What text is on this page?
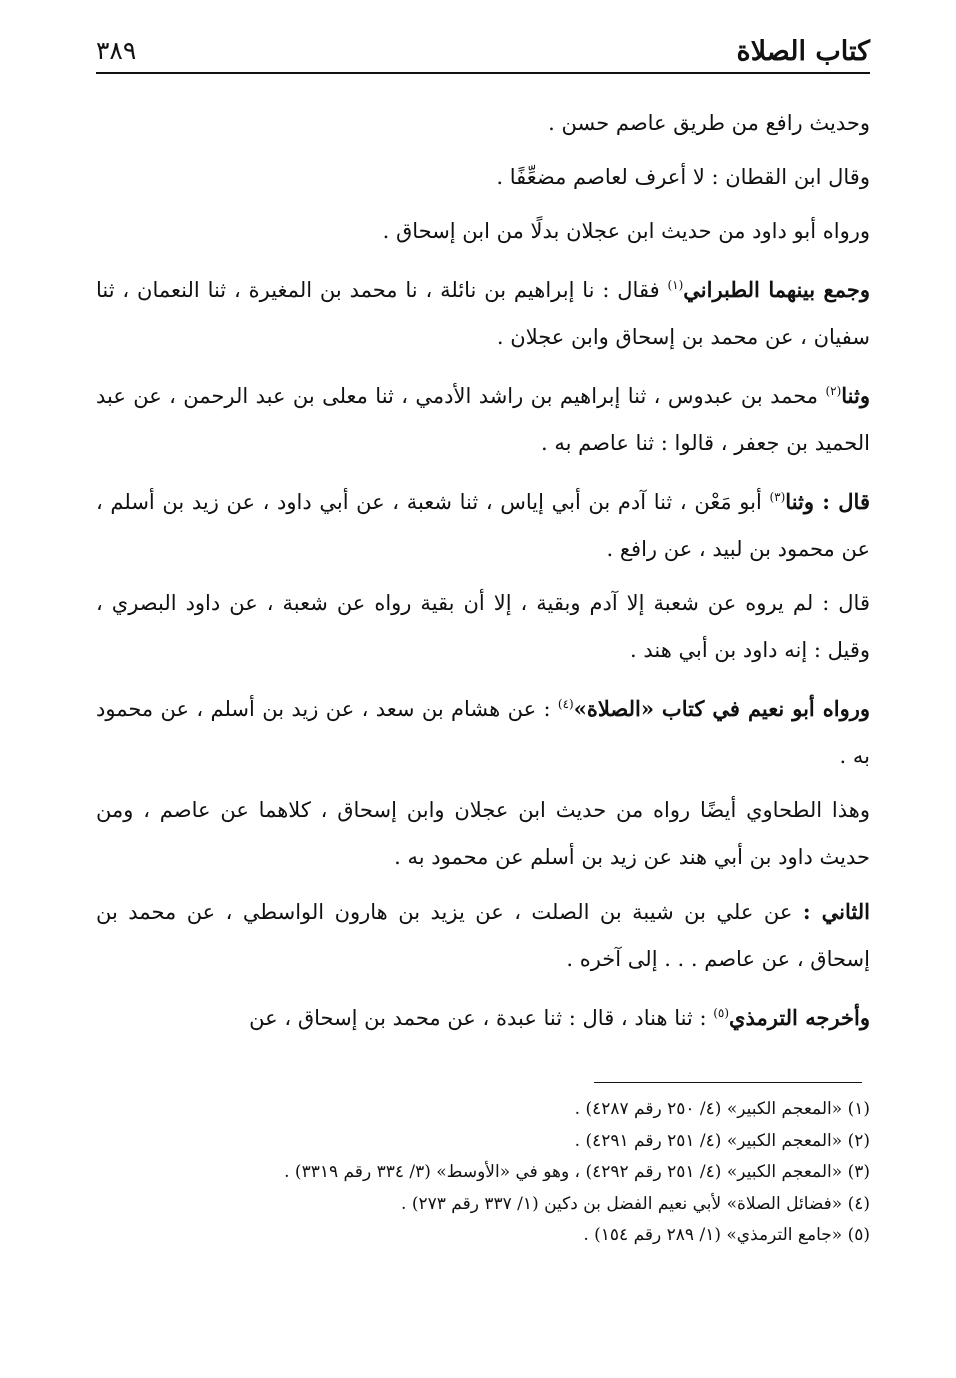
كتاب الصلاة
٣٨٩

وحديث رافع من طريق عاصم حسن .

وقال ابن القطان : لا أعرف لعاصم مضعِّفًا .

ورواه أبو داود من حديث ابن عجلان بدلًا من ابن إسحاق .

وجمع بينهما الطبراني$^{(١)}$ فقال : نا إبراهيم بن نائلة ، نا محمد بن المغيرة ، ثنا النعمان ، ثنا سفيان ، عن محمد بن إسحاق وابن عجلان .

وثنا$^{(٢)}$ محمد بن عبدوس ، ثنا إبراهيم بن راشد الأدمي ، ثنا معلى بن عبد الرحمن ، عن عبد الحميد بن جعفر ، قالوا : ثنا عاصم به .

قال : وثنا$^{(٣)}$ أبو مَعْن ، ثنا آدم بن أبي إياس ، ثنا شعبة ، عن أبي داود ، عن زيد بن أسلم ، عن محمود بن لبيد ، عن رافع .

قال : لم يروه عن شعبة إلا آدم وبقية ، إلا أن بقية رواه عن شعبة ، عن داود البصري ، وقيل : إنه داود بن أبي هند .

ورواه أبو نعيم في كتاب «الصلاة»$^{(٤)}$ : عن هشام بن سعد ، عن زيد بن أسلم ، عن محمود به .

وهذا الطحاوي أيضًا رواه من حديث ابن عجلان وابن إسحاق ، كلاهما عن عاصم ، ومن حديث داود بن أبي هند عن زيد بن أسلم عن محمود به .

الثاني : عن علي بن شيبة بن الصلت ، عن يزيد بن هارون الواسطي ، عن محمد بن إسحاق ، عن عاصم . . . إلى آخره .

وأخرجه الترمذي$^{(٥)}$ : ثنا هناد ، قال : ثنا عبدة ، عن محمد بن إسحاق ، عن

(١) «المعجم الكبير» (٤/ ٢٥٠ رقم ٤٢٨٧) .

(٢) «المعجم الكبير» (٤/ ٢٥١ رقم ٤٢٩١) .

(٣) «المعجم الكبير» (٤/ ٢٥١ رقم ٤٢٩٢) ، وهو في «الأوسط» (٣/ ٣٣٤ رقم ٣٣١٩) .

(٤) «فضائل الصلاة» لأبي نعيم الفضل بن دكين (١/ ٣٣٧ رقم ٢٧٣) .

(٥) «جامع الترمذي» (١/ ٢٨٩ رقم ١٥٤) .
